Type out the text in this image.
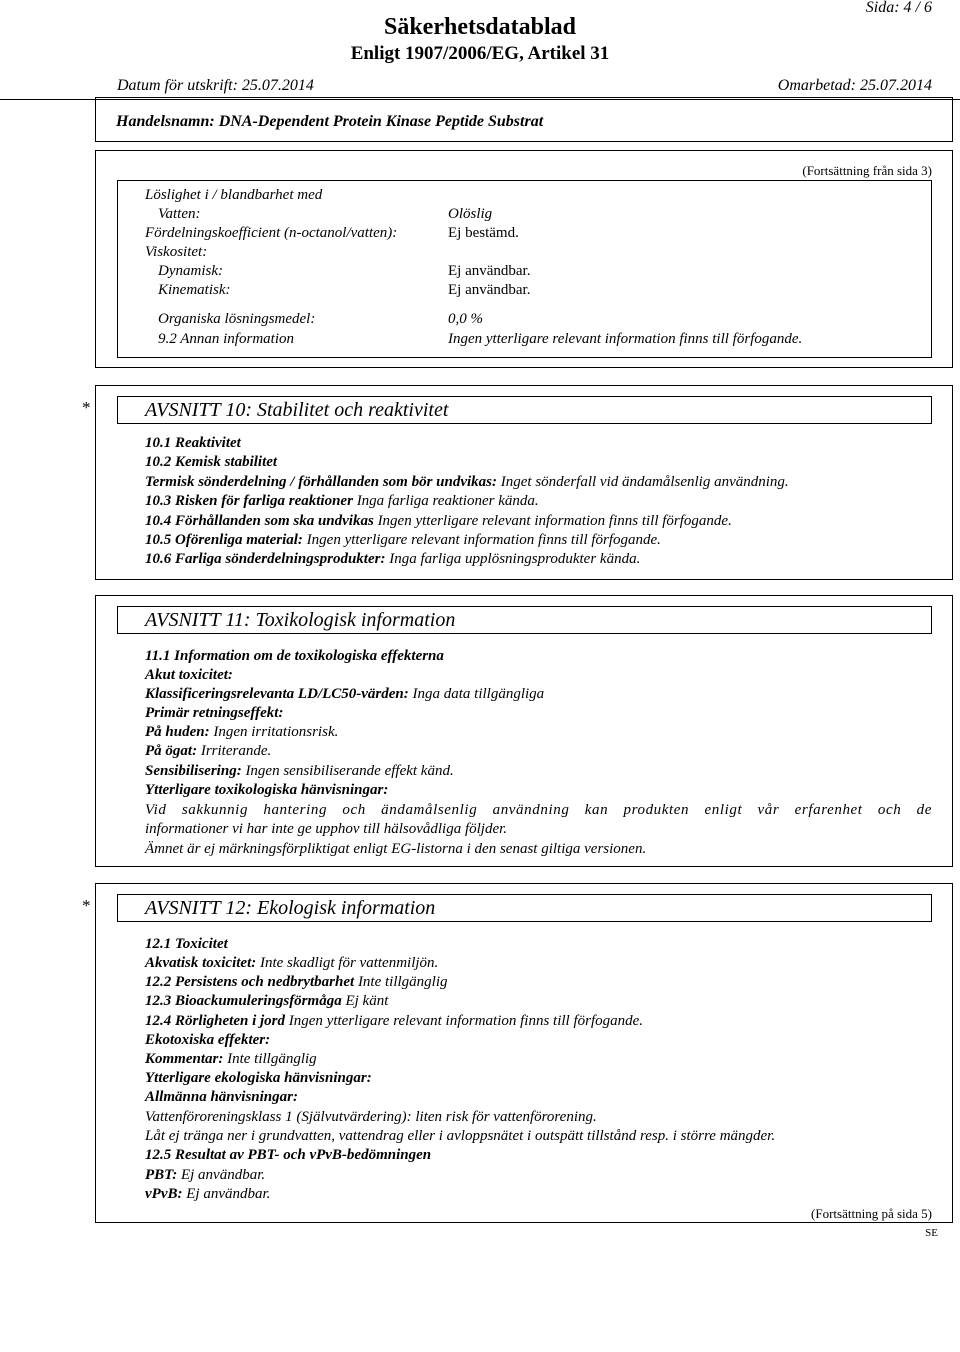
Sida: 4 / 6
Säkerhetsdatablad
Enligt 1907/2006/EG, Artikel 31
Datum för utskrift: 25.07.2014	Omarbetad: 25.07.2014
Handelsnamn: DNA-Dependent Protein Kinase Peptide Substrat
(Fortsättning från sida 3)
Löslighet i / blandbarhet med
Vatten:	Olöslig
Fördelningskoefficient (n-octanol/vatten):	Ej bestämd.
Viskositet:
Dynamisk:	Ej användbar.
Kinematisk:	Ej användbar.
Organiska lösningsmedel:	0,0 %
9.2 Annan information	Ingen ytterligare relevant information finns till förfogande.
*	AVSNITT 10: Stabilitet och reaktivitet
10.1 Reaktivitet
10.2 Kemisk stabilitet
Termisk sönderdelning / förhållanden som bör undvikas: Inget sönderfall vid ändamålsenlig användning.
10.3 Risken för farliga reaktioner Inga farliga reaktioner kända.
10.4 Förhållanden som ska undvikas Ingen ytterligare relevant information finns till förfogande.
10.5 Oförenliga material: Ingen ytterligare relevant information finns till förfogande.
10.6 Farliga sönderdelningsprodukter: Inga farliga upplösningsprodukter kända.
AVSNITT 11: Toxikologisk information
11.1 Information om de toxikologiska effekterna
Akut toxicitet:
Klassificeringsrelevanta LD/LC50-värden: Inga data tillgängliga
Primär retningseffekt:
På huden: Ingen irritationsrisk.
På ögat: Irriterande.
Sensibilisering: Ingen sensibiliserande effekt känd.
Ytterligare toxikologiska hänvisningar:
Vid sakkunnig hantering och ändamålsenlig användning kan produkten enligt vår erfarenhet och de
informationer vi har inte ge upphov till hälsovådliga följder.
Ämnet är ej märkningsförpliktigat enligt EG-listorna i den senast giltiga versionen.
*	AVSNITT 12: Ekologisk information
12.1 Toxicitet
Akvatisk toxicitet: Inte skadligt för vattenmiljön.
12.2 Persistens och nedbrytbarhet Inte tillgänglig
12.3 Bioackumuleringsförmåga Ej känt
12.4 Rörligheten i jord Ingen ytterligare relevant information finns till förfogande.
Ekotoxiska effekter:
Kommentar: Inte tillgänglig
Ytterligare ekologiska hänvisningar:
Allmänna hänvisningar:
Vattenföroreningsklass 1 (Självutvärdering): liten risk för vattenförorening.
Låt ej tränga ner i grundvatten, vattendrag eller i avloppsnätet i outspätt tillstånd resp. i större mängder.
12.5 Resultat av PBT- och vPvB-bedömningen
PBT: Ej användbar.
vPvB: Ej användbar.
(Fortsättning på sida 5)
SE
